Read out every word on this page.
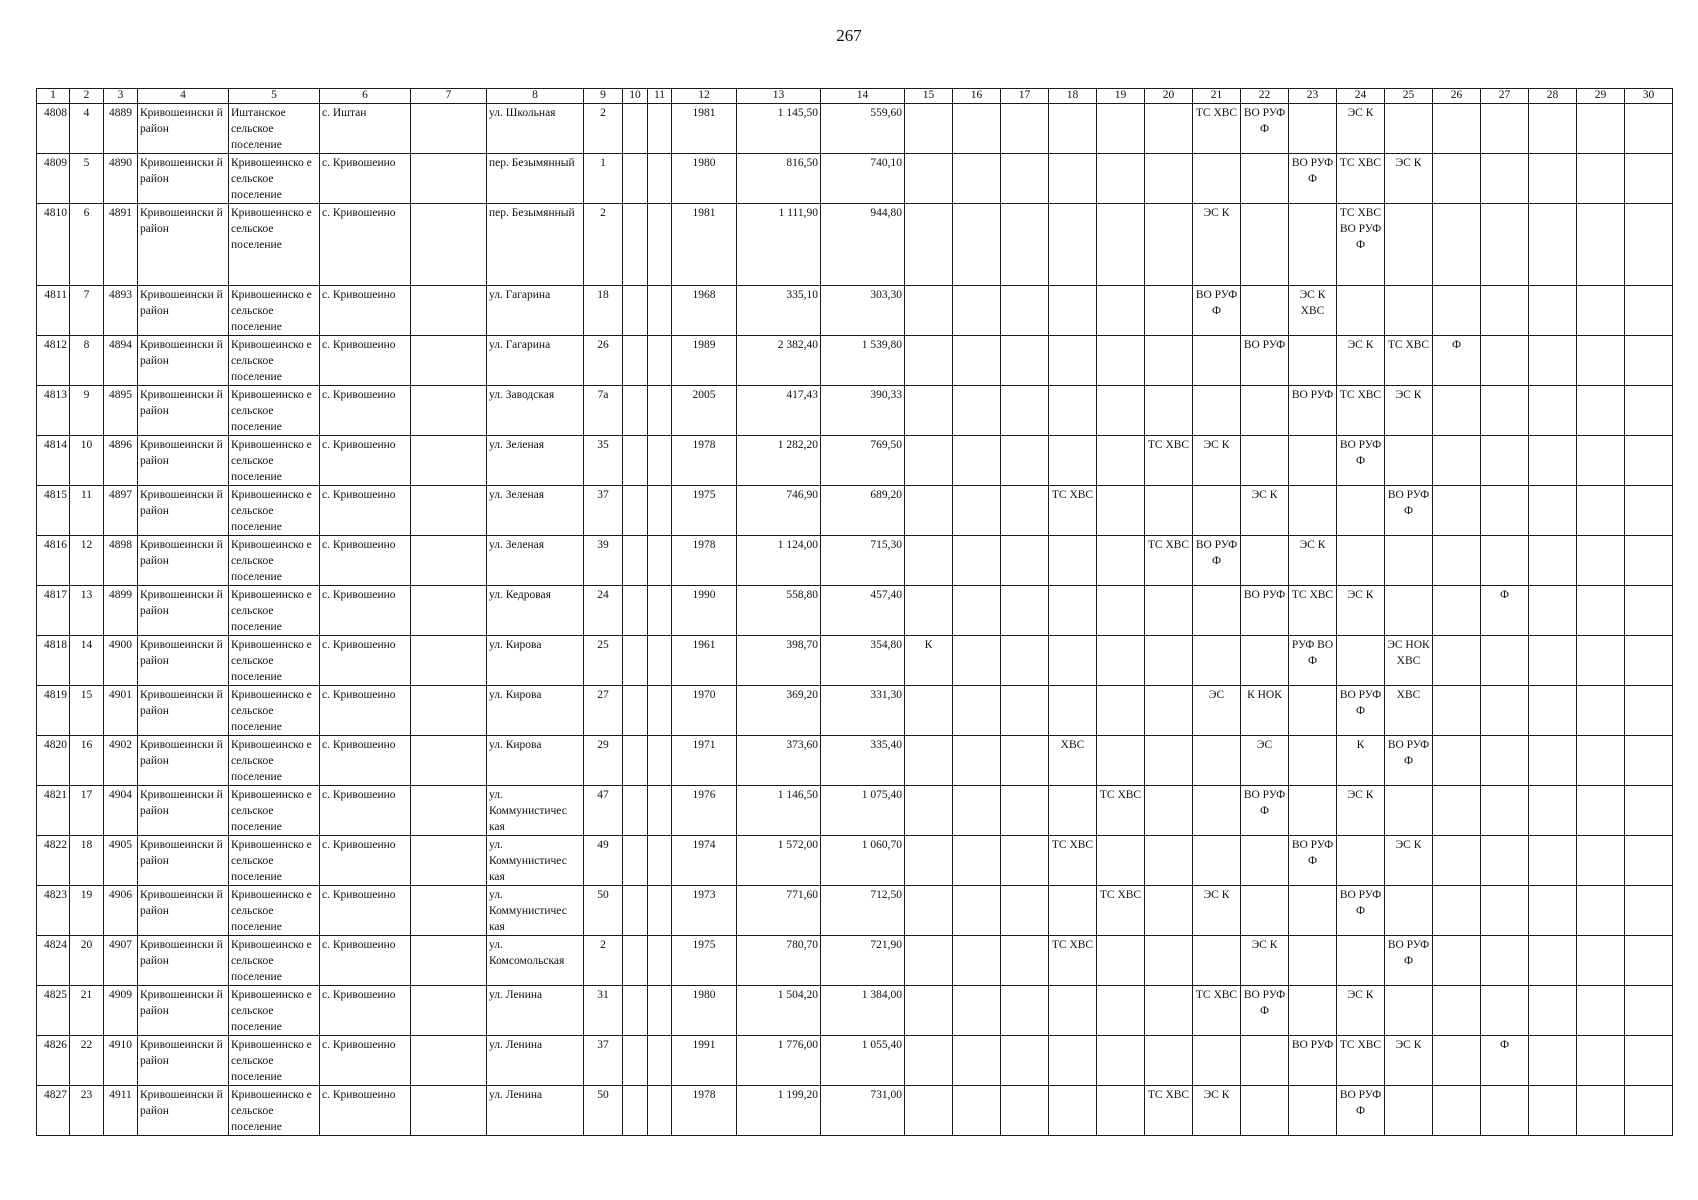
267
1	2	3	4	5	6	7	8	9	10	11	12	13	14	15	16	17	18	19	20	21	22	23	24	25	26	27	28	29	30
4808	4	4889	Кривошеински й район	Иштанское сельское поселение	с. Иштан		ул. Школьная	2			1981	1 145,50	559,60							ТС ХВС	ВО РУФ Ф		ЭС К						
4809	5	4890	Кривошеински й район	Кривошеинско е сельское поселение	с. Кривошеино		пер. Безымянный	1			1980	816,50	740,10									ВО РУФ Ф	ТС ХВС	ЭС К					
4810	6	4891	Кривошеински й район	Кривошеинско е сельское поселение	с. Кривошеино		пер. Безымянный	2			1981	1 111,90	944,80							ЭС К			ТС ХВС ВО РУФ Ф						
4811	7	4893	Кривошеински й район	Кривошеинско е сельское поселение	с. Кривошеино		ул. Гагарина	18			1968	335,10	303,30							ВО РУФ Ф		ЭС К ХВС							
4812	8	4894	Кривошеински й район	Кривошеинско е сельское поселение	с. Кривошеино		ул. Гагарина	26			1989	2 382,40	1 539,80								ВО РУФ		ЭС К	ТС ХВС	Ф				
4813	9	4895	Кривошеински й район	Кривошеинско е сельское поселение	с. Кривошеино		ул. Заводская	7а			2005	417,43	390,33									ВО РУФ	ТС ХВС	ЭС К					
4814	10	4896	Кривошеински й район	Кривошеинско е сельское поселение	с. Кривошеино		ул. Зеленая	35			1978	1 282,20	769,50						ТС ХВС	ЭС К			ВО РУФ Ф						
4815	11	4897	Кривошеински й район	Кривошеинско е сельское поселение	с. Кривошеино		ул. Зеленая	37			1975	746,90	689,20				ТС ХВС				ЭС К			ВО РУФ Ф					
4816	12	4898	Кривошеински й район	Кривошеинско е сельское поселение	с. Кривошеино		ул. Зеленая	39			1978	1 124,00	715,30						ТС ХВС	ВО РУФ Ф		ЭС К							
4817	13	4899	Кривошеински й район	Кривошеинско е сельское поселение	с. Кривошеино		ул. Кедровая	24			1990	558,80	457,40								ВО РУФ	ТС ХВС	ЭС К			Ф			
4818	14	4900	Кривошеински й район	Кривошеинско е сельское поселение	с. Кривошеино		ул. Кирова	25			1961	398,70	354,80	К								РУФ ВО Ф		ЭС НОК ХВС					
4819	15	4901	Кривошеински й район	Кривошеинско е сельское поселение	с. Кривошеино		ул. Кирова	27			1970	369,20	331,30							ЭС	К НОК		ВО РУФ Ф	ХВС					
4820	16	4902	Кривошеински й район	Кривошеинско е сельское поселение	с. Кривошеино		ул. Кирова	29			1971	373,60	335,40				ХВС				ЭС		К	ВО РУФ Ф					
4821	17	4904	Кривошеински й район	Кривошеинско е сельское поселение	с. Кривошеино		ул. Коммунистичес кая	47			1976	1 146,50	1 075,40					ТС ХВС			ВО РУФ Ф		ЭС К						
4822	18	4905	Кривошеински й район	Кривошеинско е сельское поселение	с. Кривошеино		ул. Коммунистичес кая	49			1974	1 572,00	1 060,70				ТС ХВС					ВО РУФ Ф		ЭС К					
4823	19	4906	Кривошеински й район	Кривошеинско е сельское поселение	с. Кривошеино		ул. Коммунистичес кая	50			1973	771,60	712,50					ТС ХВС		ЭС К			ВО РУФ Ф						
4824	20	4907	Кривошеински й район	Кривошеинско е сельское поселение	с. Кривошеино		ул. Комсомольская	2			1975	780,70	721,90				ТС ХВС				ЭС К			ВО РУФ Ф					
4825	21	4909	Кривошеински й район	Кривошеинско е сельское поселение	с. Кривошеино		ул. Ленина	31			1980	1 504,20	1 384,00							ТС ХВС	ВО РУФ Ф		ЭС К						
4826	22	4910	Кривошеински й район	Кривошеинско е сельское поселение	с. Кривошеино		ул. Ленина	37			1991	1 776,00	1 055,40									ВО РУФ	ТС ХВС	ЭС К		Ф			
4827	23	4911	Кривошеински й район	Кривошеинско е сельское поселение	с. Кривошеино		ул. Ленина	50			1978	1 199,20	731,00						ТС ХВС	ЭС К			ВО РУФ Ф						
